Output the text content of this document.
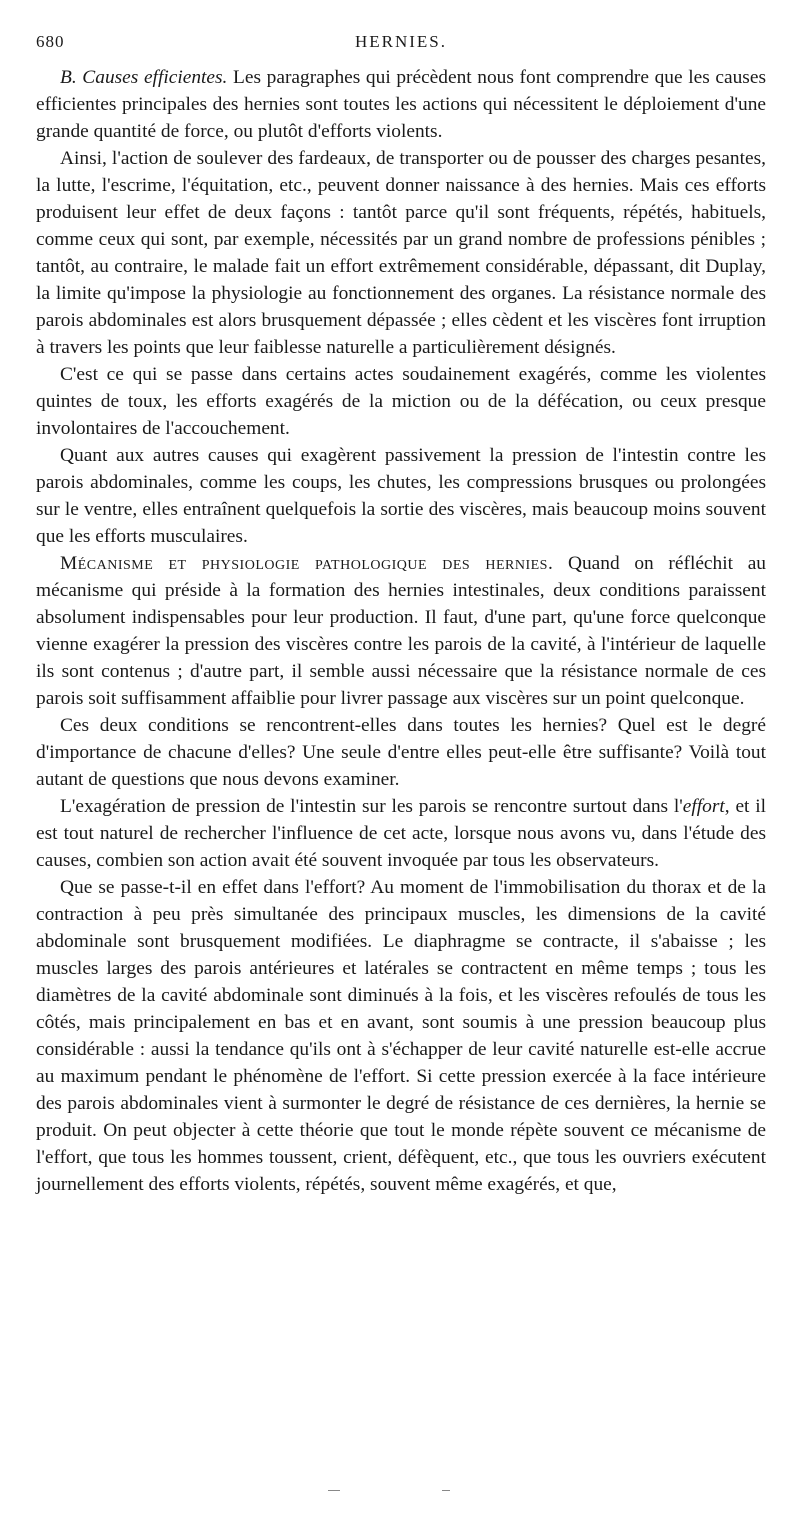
680	HERNIES.

B. Causes efficientes. Les paragraphes qui précèdent nous font comprendre que les causes efficientes principales des hernies sont toutes les actions qui nécessitent le déploiement d'une grande quantité de force, ou plutôt d'efforts violents.

Ainsi, l'action de soulever des fardeaux, de transporter ou de pousser des charges pesantes, la lutte, l'escrime, l'équitation, etc., peuvent donner naissance à des hernies. Mais ces efforts produisent leur effet de deux façons : tantôt parce qu'il sont fréquents, répétés, habituels, comme ceux qui sont, par exemple, nécessités par un grand nombre de professions pénibles ; tantôt, au contraire, le malade fait un effort extrêmement considérable, dépassant, dit Duplay, la limite qu'impose la physiologie au fonctionnement des organes. La résistance normale des parois abdominales est alors brusquement dépassée ; elles cèdent et les viscères font irruption à travers les points que leur faiblesse naturelle a particulièrement désignés.

C'est ce qui se passe dans certains actes soudainement exagérés, comme les violentes quintes de toux, les efforts exagérés de la miction ou de la défécation, ou ceux presque involontaires de l'accouchement.

Quant aux autres causes qui exagèrent passivement la pression de l'intestin contre les parois abdominales, comme les coups, les chutes, les compressions brusques ou prolongées sur le ventre, elles entraînent quelquefois la sortie des viscères, mais beaucoup moins souvent que les efforts musculaires.

Mécanisme et physiologie pathologique des hernies. Quand on réfléchit au mécanisme qui préside à la formation des hernies intestinales, deux conditions paraissent absolument indispensables pour leur production. Il faut, d'une part, qu'une force quelconque vienne exagérer la pression des viscères contre les parois de la cavité, à l'intérieur de laquelle ils sont contenus ; d'autre part, il semble aussi nécessaire que la résistance normale de ces parois soit suffisamment affaiblie pour livrer passage aux viscères sur un point quelconque.

Ces deux conditions se rencontrent-elles dans toutes les hernies? Quel est le degré d'importance de chacune d'elles? Une seule d'entre elles peut-elle être suffisante? Voilà tout autant de questions que nous devons examiner.

L'exagération de pression de l'intestin sur les parois se rencontre surtout dans l'effort, et il est tout naturel de rechercher l'influence de cet acte, lorsque nous avons vu, dans l'étude des causes, combien son action avait été souvent invoquée par tous les observateurs.

Que se passe-t-il en effet dans l'effort? Au moment de l'immobilisation du thorax et de la contraction à peu près simultanée des principaux muscles, les dimensions de la cavité abdominale sont brusquement modifiées. Le diaphragme se contracte, il s'abaisse ; les muscles larges des parois antérieures et latérales se contractent en même temps ; tous les diamètres de la cavité abdominale sont diminués à la fois, et les viscères refoulés de tous les côtés, mais principalement en bas et en avant, sont soumis à une pression beaucoup plus considérable : aussi la tendance qu'ils ont à s'échapper de leur cavité naturelle est-elle accrue au maximum pendant le phénomène de l'effort. Si cette pression exercée à la face intérieure des parois abdominales vient à surmonter le degré de résistance de ces dernières, la hernie se produit. On peut objecter à cette théorie que tout le monde répète souvent ce mécanisme de l'effort, que tous les hommes toussent, crient, défèquent, etc., que tous les ouvriers exécutent journellement des efforts violents, répétés, souvent même exagérés, et que,
